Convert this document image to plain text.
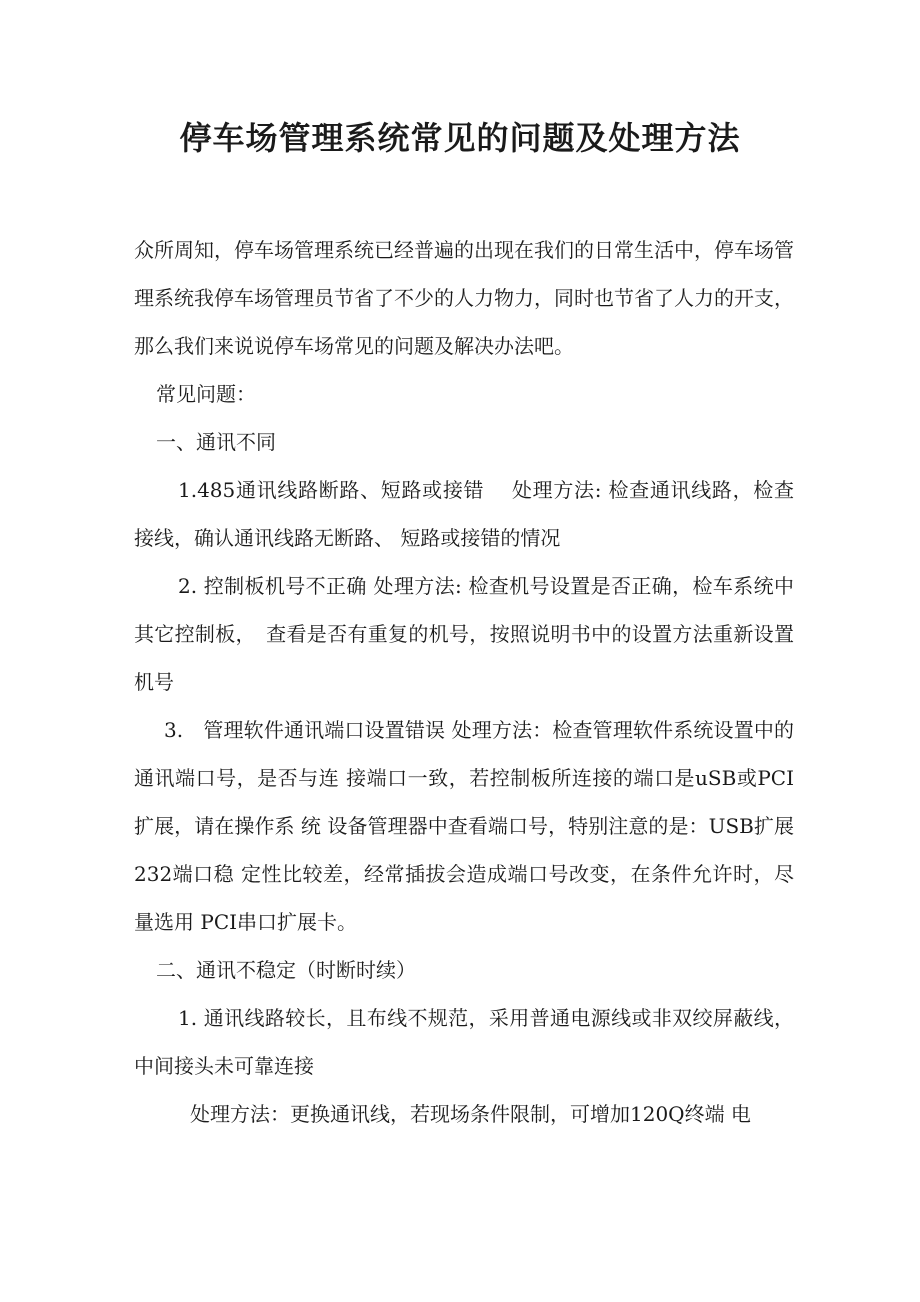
停车场管理系统常见的问题及处理方法

众所周知，停车场管理系统已经普遍的出现在我们的日常生活中，停车场管理系统我停车场管理员节省了不少的人力物力，同时也节省了人力的开支，那么我们来说说停车场常见的问题及解决办法吧。

常见问题：

一、通讯不同

1.485通讯线路断路、短路或接错　 处理方法: 检查通讯线路，检查接线，确认通讯线路无断路、 短路或接错的情况

2. 控制板机号不正确 处理方法: 检查机号设置是否正确，检车系统中其它控制板，　查看是否有重复的机号，按照说明书中的设置方法重新设置机号

3.　管理软件通讯端口设置错误 处理方法：检查管理软件系统设置中的通讯端口号，是否与连 接端口一致，若控制板所连接的端口是uSB或PCI扩展，请在操作系 统 设备管理器中查看端口号，特别注意的是：USB扩展232端口稳 定性比较差，经常插拔会造成端口号改变，在条件允许时，尽量选用 PCI串口扩展卡。

二、通讯不稳定（时断时续）

1. 通讯线路较长，且布线不规范，采用普通电源线或非双绞屏蔽线，中间接头未可靠连接

处理方法：更换通讯线，若现场条件限制，可增加120Q终端 电
